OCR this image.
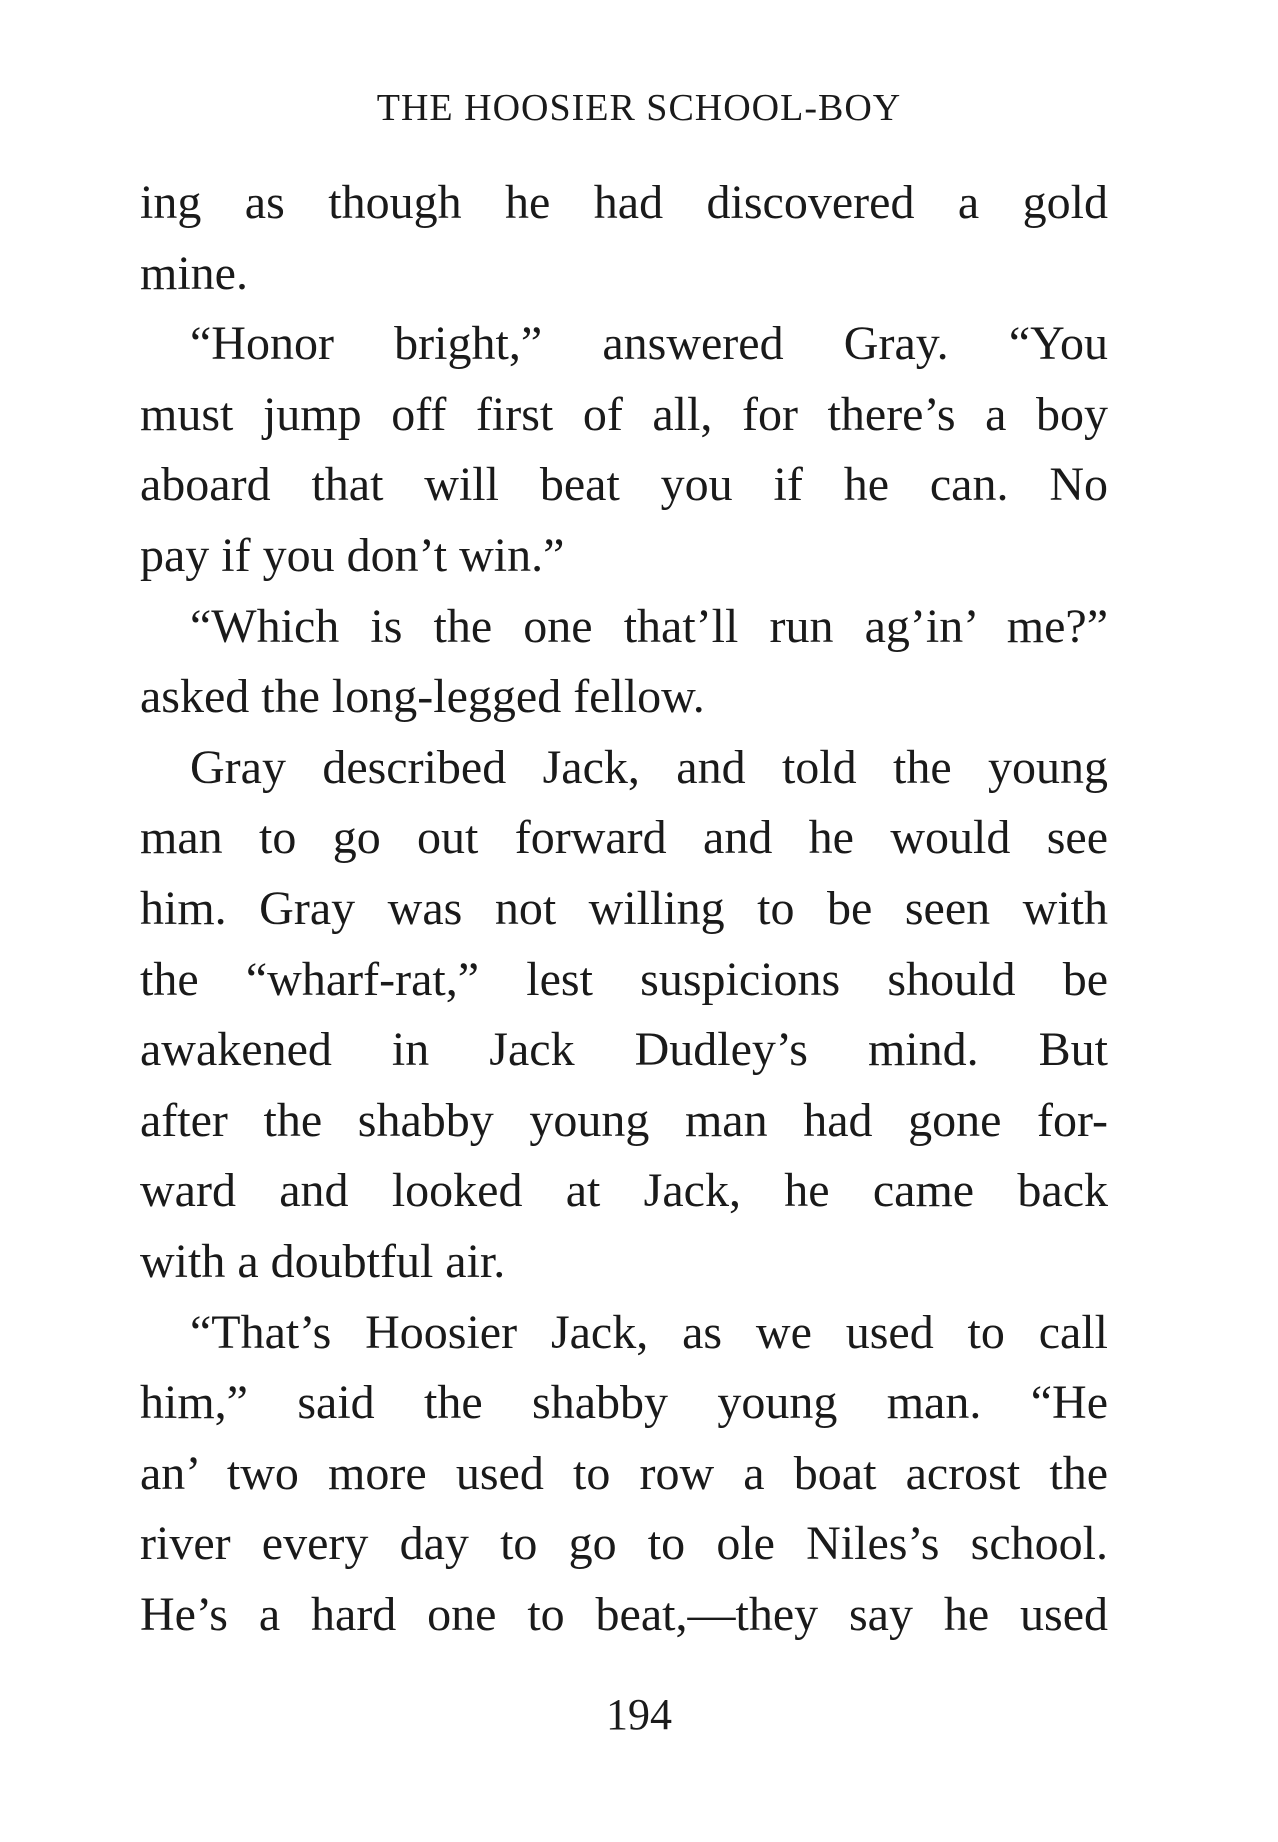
THE HOOSIER SCHOOL-BOY
ing as though he had discovered a gold
mine.
“Honor bright,” answered Gray. “You
must jump off first of all, for there’s a boy
aboard that will beat you if he can. No
pay if you don’t win.”
“Which is the one that’ll run ag’in’ me?”
asked the long-legged fellow.
Gray described Jack, and told the young
man to go out forward and he would see
him. Gray was not willing to be seen with
the “wharf-rat,” lest suspicions should be
awakened in Jack Dudley’s mind. But
after the shabby young man had gone for-
ward and looked at Jack, he came back
with a doubtful air.
“That’s Hoosier Jack, as we used to call
him,” said the shabby young man. “He
an’ two more used to row a boat acrost the
river every day to go to ole Niles’s school.
He’s a hard one to beat,—they say he used
194
